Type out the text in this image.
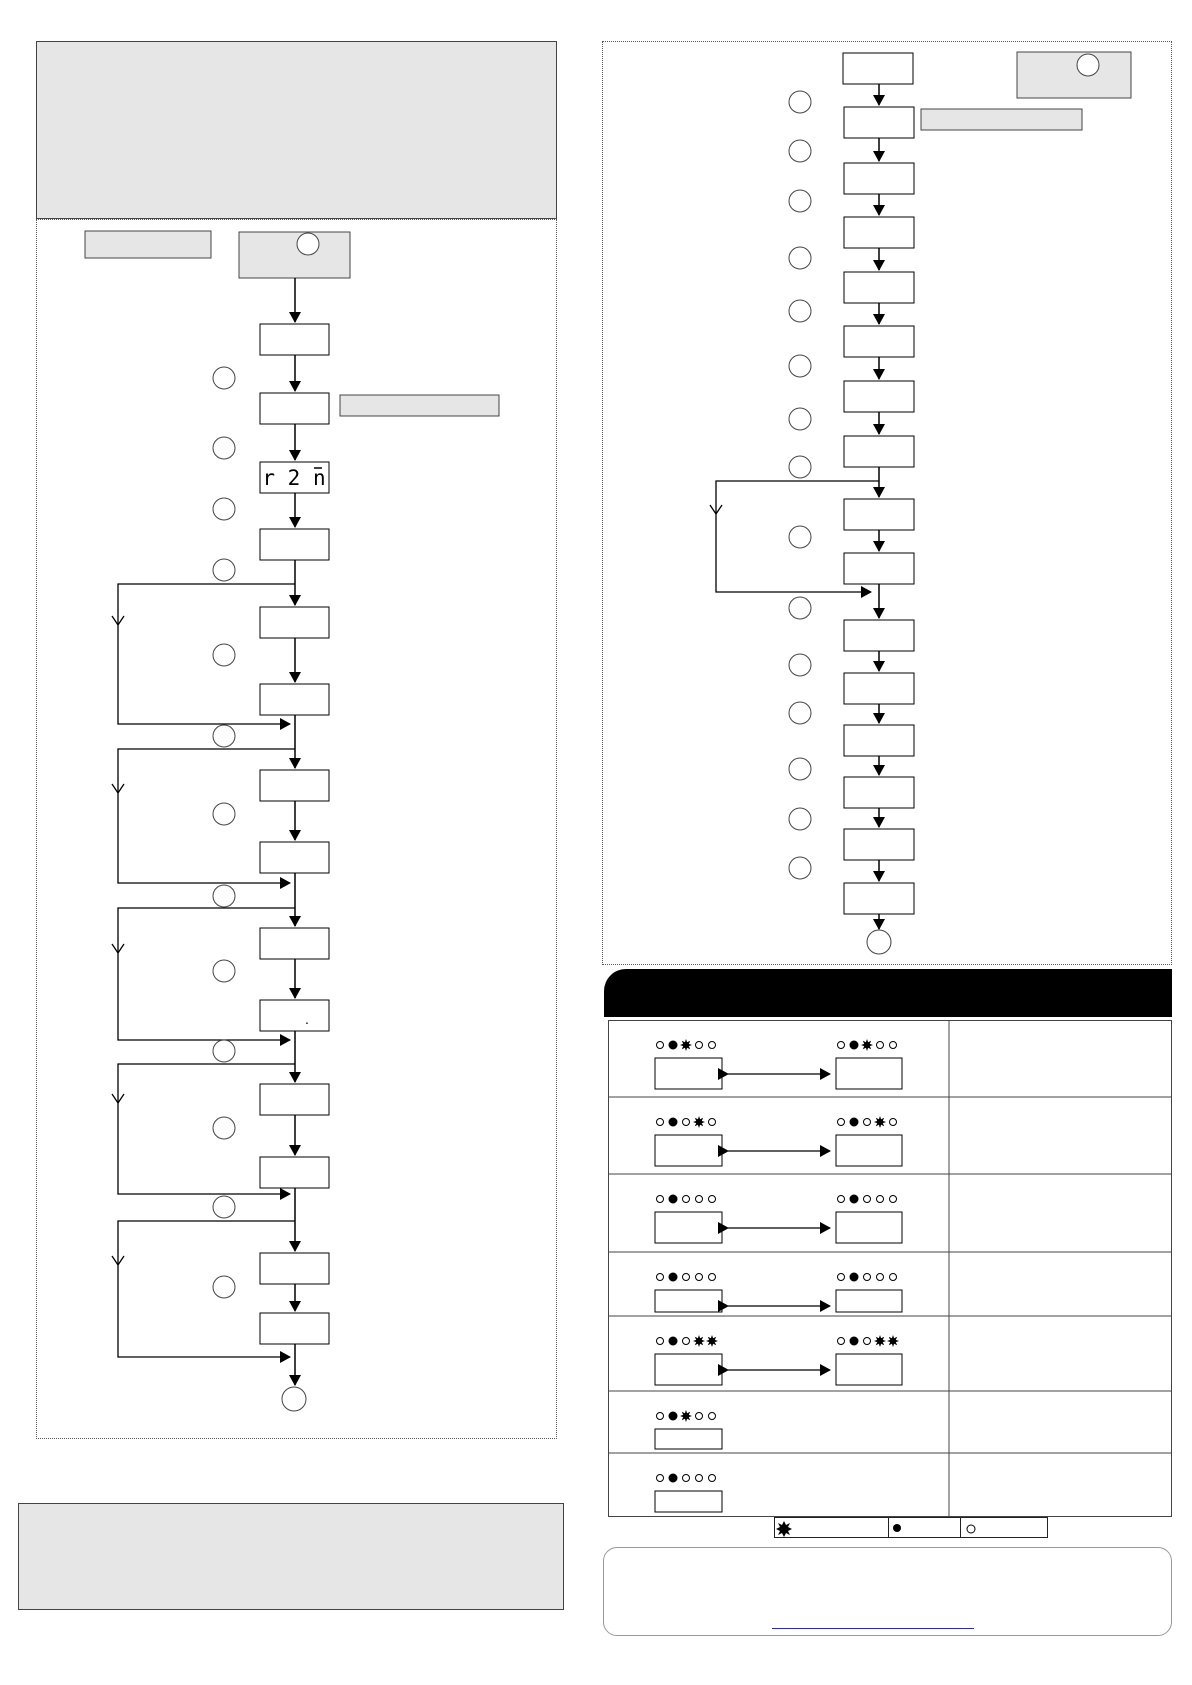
r 2 n
.
